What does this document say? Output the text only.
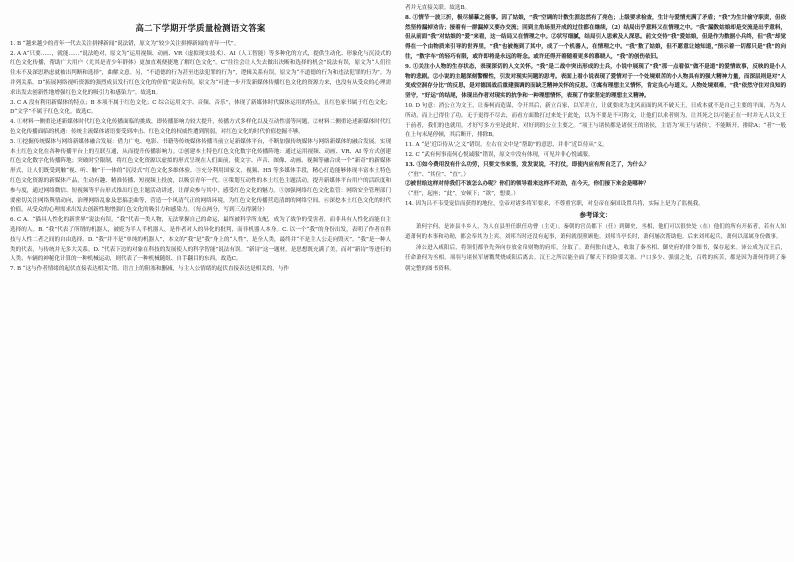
高二下学期开学质量检测语文答案

1. B “越来越少的青年一代去关注拼搏新闻”说法错，原文为“较少关注拼搏新闻的青年一代”。

2. A A“只要……，就能……”说法绝对，原文为“运用视频、动画、VR（虚拟现实技术）、AI（人工智能）等多种化的方式，提供生动化、形象化与沉浸式的红色文化传播，帮助广大用户（尤其是青少年群体）更加直观便捷地了解红色文化”。C“往往会让人失去做出决断和选择的机会”说法有误，原文为“人们往往未不及深思熟虑就被出判断和选择”，曲解文意。另，“不道德的行为甚至违法犯罪的行为”，逻辑关系有误，原文为“不道德的行为和违法犯罪的行为”。为并列关系。D“拓展网络视听资源的强烈成员发行红色文化的价值”说法有误，原文为“可进一步开发新媒体传播红色文化的资源力来，也没有从受众的心理需求出发去创新性地增强红色文化的吸引力和感染力”。故选B。

3. C A 没有利用新媒体的特点；B 本项不属于红色文化；C 综合运用文字、音频、音乐”，体现了新媒体时代媒体运用的特点，且红色家书属于红色文化；D“文学”不属于红色文化。故选C。

4. ①材料一侧重论述新媒体时代红色文化传播面临的挑战，即传播影响力较大提升，传播方式多样化以及互动性弱等问题，②材料二侧重论述新媒体时代红色文化传播面临的机遇：传统主流媒体诸语要受到冲击、红色文化的权威性遭到削弱，对红色文化的时代价值挖掘不够。

5. ①挖掘传统媒体与网络新媒体融合发展：借力广电、电影、书籍等传统媒体传播当前立足新媒体平台，不断加强传统媒体与网络新媒体的融合发展。实现本土红色文化在各种传播平台上的互联互通，从而提升传播影响力。②创建本土特色红色文化数字化传播阵地：通过运用视频、动画、VR、AI 等方式创建红色文化数字化传播阵地；突破时空限制，将红色文化资源以虚拟的形式呈现在人们面前，使文字、声音、图像、动画、视频等融合成一个“新奇”的新媒体形式，让人们既受到触“视、听、触”于一体的“沉浸式”红色文化多维体验。③充分利用国家文、视频、H5 等多媒体手段，精心打造能够体现丰富本土特色红色文化资源的新媒体产品，生动有趣、精准传播、短视频上投放，以吸引青年一代。④策划互动性的本土红色主题活动，提升新媒体平台用户的活跃度和参与度，通过网络微信、短视频等平台形式推出红色主题活动讲述，让群众参与其中，感受红色文化的魅力。⑤加强网络红色文化监管：网络安全管理部门要密切关注网络舆情动向，治理网络乱象及恶搞歪曲等，营造一个风清气正的网络环境，为红色文化传播营造清朗的网络空间。⑥深挖本土红色文化的时代价值，从受众的心理需求出发去创新性地增强红色文化的吸引力和感染力。（每点两分，写到三点得满分）

6. C A．“猫具人性化的新世界”说法有误，“我”代表一类人物，无法掌握自己的命运，最终被科学所支配，成为了战争的受害者，而非具有人性化而能自主选择的人。B. “我”代表了所谓的机器人，被贬为半人半机器人，是作者对人的异化的批判，而非机器人本身。C. 以一个“我”的身份出发，表明了作者在科技与人性二者之间的自由选择。D. “我”并不是“单纯的机器人”，本文的“我”是“我”身上的“人性”，是全人类，最终并“不是主人公走向毁灭”。“我”是一种人类的代表，与传统并无多大关系。D. “代表下边的对象在科技的发展使人的科学智能”说法有误。“新诗”这一题材，是思想既充满了美，而对“新诗”等进行的人类、车辆的神秘化计算的一种机械运动，则代表了一种机械随组、自手翻目的东西。故选C。

7. B “这与作者情绪的起伏直接表达相关”错。语言上的阻塞和删减，与主人公情绪的起伏直接表达是相关的，与作

者并无直接关联。故选B。

8. ①情节一波三折，极尽描摹之能事。因了姑娘，“我”空调的计数生涯忽然有了亮色；上级要求检查，生计与爱情充满了矛盾；“我”为生计偷守职责，但依然坚持漏掉劝告；接着有一群漏掉又要办交流；回到主角场里开成的过往都在继续，（2）结局出乎意料又在情理之中。“我”漏数姑娘却是交流是出乎意料，但从前面“我”对姑娘的“爱”来看，这一结局又在情理之中。②状写细腻，结局引人思索及人深思。前文交待“我”爱姑娘，但是作为数据小兵终，但“我”却觉得在一个由物质来引导的世界里，“我”也被拖到了其中，成了一个机器人，在情理之中。“我”数了姑娘，但不愿意让她知道，”预示着一切都只是“我”的向往，“数字车”的轻巧有限，或许即将是永远的呀念。或许还得开着随着更多的慕晓人，“我”的创伤依旧。

9. ①关注小人物的生存状态，表现深切的人文关怀。“我”是二战中突出形成的士兵，小说中展现了“我”那一点看似“做不是道”的爱情故事，反映的是小人物的悲剧。②小说的主题深刻警醒性，引发对现实问题的思考。表面上看小说表现了爱情对于一个处境艰苦的小人物具有的强大精神力量，而深层则是对“人变成空洞存分比”的反思，是对德国战后重建强调的而缺乏精神关怀的反思。③寓有理想主义情怀，肯定良心与道义。人物处境艰难，“我”依然守住对良知的坚守，“好运”的结尾，体现出作者对现实的抗争和一种理想情怀，表现了作家坚定的理想主义精神。

10. D 句意：消公立为文王，让秦柯而造谋，令开其后，新立百家，以军并立，让就要成为北风而面的风不破天王，日成本就不是自己主要的平面，乃为人所动，而上已得住了功。无于更得不尽去，而看方面数打过来处于此处，以为不要是不可称文，让他们以求者则为，让其死之以可能正在一时并无人以文王于前者，我们的也就用，才好写多方至是此时，对好到的公立主要之。“项王与诸侯都是诸侯王的诸侯，主语为‘项王与诸侯’，不能断开，排除A；“者”一般在上句末尾停顿，其后断开，排除B。

11. A “是‘近臣侍从’之义”错误。左右在文中是“帮助”的意思，并非“近臣侍从”义。

12. C “武有何事南何心悦诚服”错误，原文中没有体现，可见并非心悦诚服。

13. ①如今费用没有什么功劳，只要文书来签，发发说说，不打仗，即使内应有所自乏了，为什么？

（“驻”、“其位”、“直”。）

②被世给这样对待我们不该怎么办呢？你们的领导看来这样不对劲，在今天，你们接下来会是哪种？

（“驻”，起座；“此”，安顿下；“欲”，想要。）

14. 因为吕不韦受宠信而获得的地位，皇帝对诸多将军要求，不尊重官职，对皇帝在秦国设置兵将，实际上是为了监视我。

参考译文：

萧何字何，是沛县丰乡人，为人在县里任职任功曹（主吏）。秦朝的官员都下（任）到御史，丞相，他们可以很快处（在）他们的所有开拓者，若有人知道萧何的本事和功勋，都会奉其为上宾。刘邦当时还没有起事，萧何就很照顾他。刘邦当亭长时，萧何屡次帮助他。后来刘邦起兵，萧何以部属身份做事。

沛公进入咸阳后，将领们都争先奔向存放金帛财物的府库，分取了。萧何独自进入，收取了秦丞相、御史府的律令图书，保存起来。沛公成为汉王后，任命萧何为丞相。项羽与诸侯军屠戮焚烧咸阳后离去。汉王之所以能全面了解天下的险要关塞、户口多少、强弱之处，百姓的疾苦，都是因为萧何得到了秦朝完整的图书资料。
